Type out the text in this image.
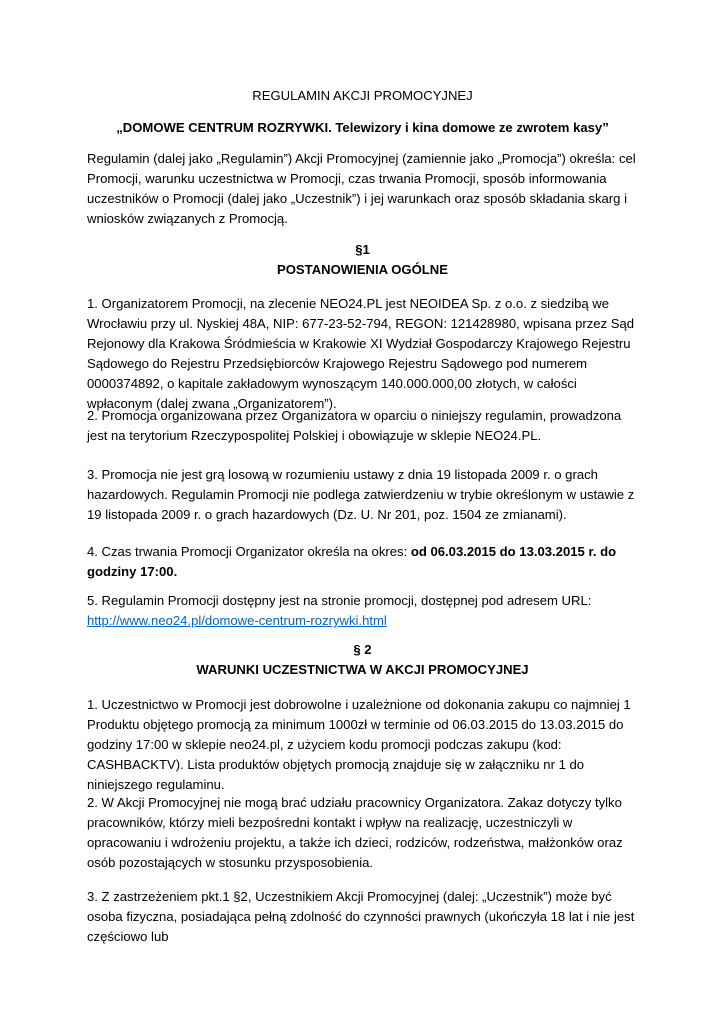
REGULAMIN AKCJI PROMOCYJNEJ
„DOMOWE CENTRUM ROZRYWKI. Telewizory i kina domowe ze zwrotem kasy”
Regulamin (dalej jako „Regulamin”) Akcji Promocyjnej (zamiennie jako „Promocja”) określa: cel Promocji, warunku uczestnictwa w Promocji, czas trwania Promocji, sposób informowania uczestników o Promocji (dalej jako „Uczestnik”) i jej warunkach oraz sposób składania skarg i wniosków związanych z Promocją.
§1
POSTANOWIENIA OGÓLNE
1. Organizatorem Promocji, na zlecenie NEO24.PL jest NEOIDEA Sp. z o.o. z siedzibą we Wrocławiu przy ul. Nyskiej 48A, NIP: 677-23-52-794, REGON: 121428980, wpisana przez Sąd Rejonowy dla Krakowa Śródmieścia w Krakowie XI Wydział Gospodarczy Krajowego Rejestru Sądowego do Rejestru Przedsiębiorców Krajowego Rejestru Sądowego pod numerem 0000374892, o kapitale zakładowym wynoszącym 140.000.000,00 złotych, w całości wpłaconym (dalej zwana „Organizatorem”).
2. Promocja organizowana przez Organizatora w oparciu o niniejszy regulamin, prowadzona jest na terytorium Rzeczypospolitej Polskiej i obowiązuje w sklepie NEO24.PL.
3. Promocja nie jest grą losową w rozumieniu ustawy z dnia 19 listopada 2009 r. o grach hazardowych. Regulamin Promocji nie podlega zatwierdzeniu w trybie określonym w ustawie z 19 listopada 2009 r. o grach hazardowych (Dz. U. Nr 201, poz. 1504 ze zmianami).
4. Czas trwania Promocji Organizator określa na okres: od 06.03.2015 do 13.03.2015 r. do godziny 17:00.
5. Regulamin Promocji dostępny jest na stronie promocji, dostępnej pod adresem URL:
http://www.neo24.pl/domowe-centrum-rozrywki.html
§ 2
WARUNKI UCZESTNICTWA W AKCJI PROMOCYJNEJ
1. Uczestnictwo w Promocji jest dobrowolne i uzależnione od dokonania zakupu co najmniej 1 Produktu objętego promocją za minimum 1000zł w terminie od 06.03.2015 do 13.03.2015 do godziny 17:00 w sklepie neo24.pl, z użyciem kodu promocji podczas zakupu (kod: CASHBACKTV). Lista produktów objętych promocją znajduje się w załączniku nr 1 do niniejszego regulaminu.
2. W Akcji Promocyjnej nie mogą brać udziału pracownicy Organizatora. Zakaz dotyczy tylko pracowników, którzy mieli bezpośredni kontakt i wpływ na realizację, uczestniczyli w opracowaniu i wdrożeniu projektu, a także ich dzieci, rodziców, rodzeństwa, małżonków oraz osób pozostających w stosunku przysposobienia.
3. Z zastrzeżeniem pkt.1 §2, Uczestnikiem Akcji Promocyjnej (dalej: „Uczestnik”) może być osoba fizyczna, posiadająca pełną zdolność do czynności prawnych (ukończyła 18 lat i nie jest częściowo lub
